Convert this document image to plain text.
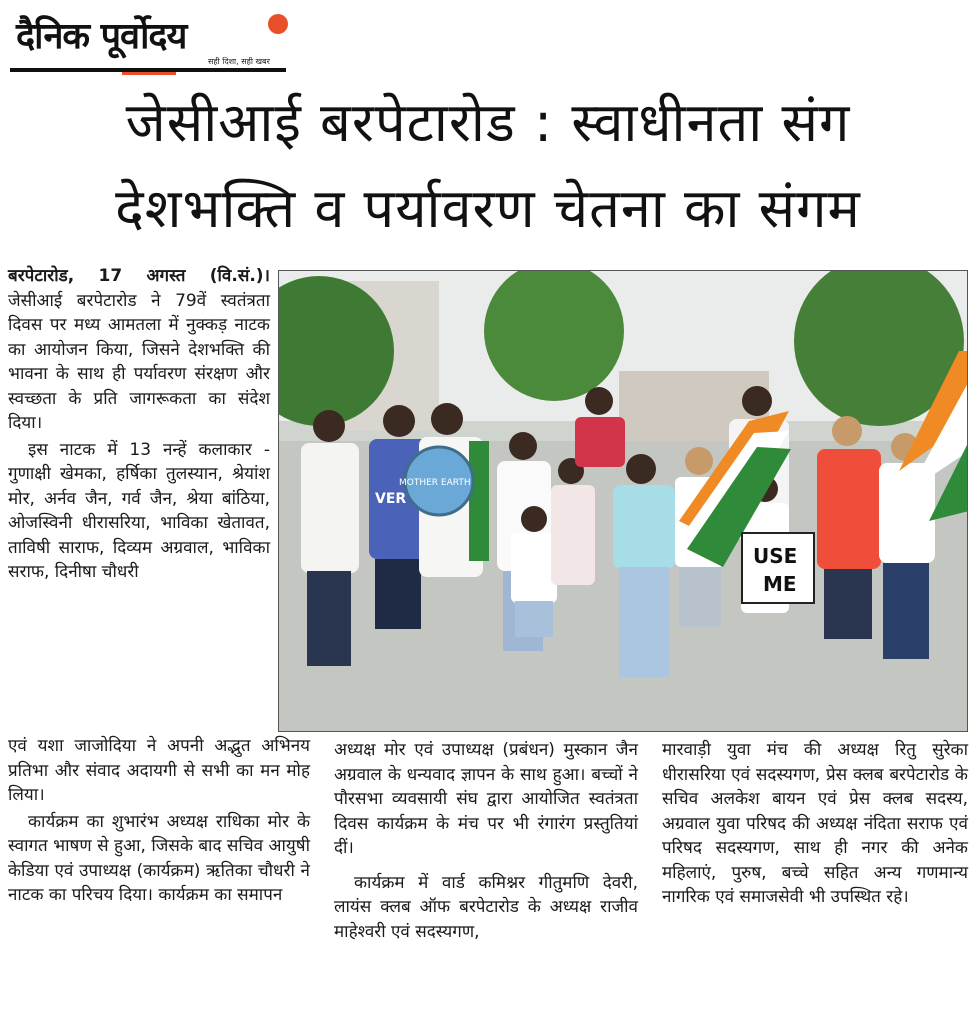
दैनिक पूर्वोदय
सही दिशा, सही खबर
जेसीआई बरपेटारोड : स्वाधीनता संग
देशभक्ति व पर्यावरण चेतना का संगम
USE
ME
MOTHER EARTH
VER

बरपेटारोड, 17 अगस्त (वि.सं.)। जेसीआई बरपेटारोड ने 79वें स्वतंत्रता दिवस पर मध्य आमतला में नुक्कड़ नाटक का आयोजन किया, जिसने देशभक्ति की भावना के साथ ही पर्यावरण संरक्षण और स्वच्छता के प्रति जागरूकता का संदेश दिया।

इस नाटक में 13 नन्हें कलाकार - गुणाक्षी खेमका, हर्षिका तुलस्यान, श्रेयांश मोर, अर्नव जैन, गर्व जैन, श्रेया बांठिया, ओजस्विनी धीरासरिया, भाविका खेतावत, ताविषी साराफ, दिव्यम अग्रवाल, भाविका सराफ, दिनीषा चौधरी

एवं यशा जाजोदिया ने अपनी अद्भुत अभिनय प्रतिभा और संवाद अदायगी से सभी का मन मोह लिया।

कार्यक्रम का शुभारंभ अध्यक्ष राधिका मोर के स्वागत भाषण से हुआ, जिसके बाद सचिव आयुषी केडिया एवं उपाध्यक्ष (कार्यक्रम) ऋतिका चौधरी ने नाटक का परिचय दिया। कार्यक्रम का समापन

अध्यक्ष मोर एवं उपाध्यक्ष (प्रबंधन) मुस्कान जैन अग्रवाल के धन्यवाद ज्ञापन के साथ हुआ। बच्चों ने पौरसभा व्यवसायी संघ द्वारा आयोजित स्वतंत्रता दिवस कार्यक्रम के मंच पर भी रंगारंग प्रस्तुतियां दीं।

कार्यक्रम में वार्ड कमिश्नर गीतुमणि देवरी, लायंस क्लब ऑफ बरपेटारोड के अध्यक्ष राजीव माहेश्वरी एवं सदस्यगण,

मारवाड़ी युवा मंच की अध्यक्ष रितु सुरेका धीरासरिया एवं सदस्यगण, प्रेस क्लब बरपेटारोड के सचिव अलकेश बायन एवं प्रेस क्लब सदस्य, अग्रवाल युवा परिषद की अध्यक्ष नंदिता सराफ एवं परिषद सदस्यगण, साथ ही नगर की अनेक महिलाएं, पुरुष, बच्चे सहित अन्य गणमान्य नागरिक एवं समाजसेवी भी उपस्थित रहे।
